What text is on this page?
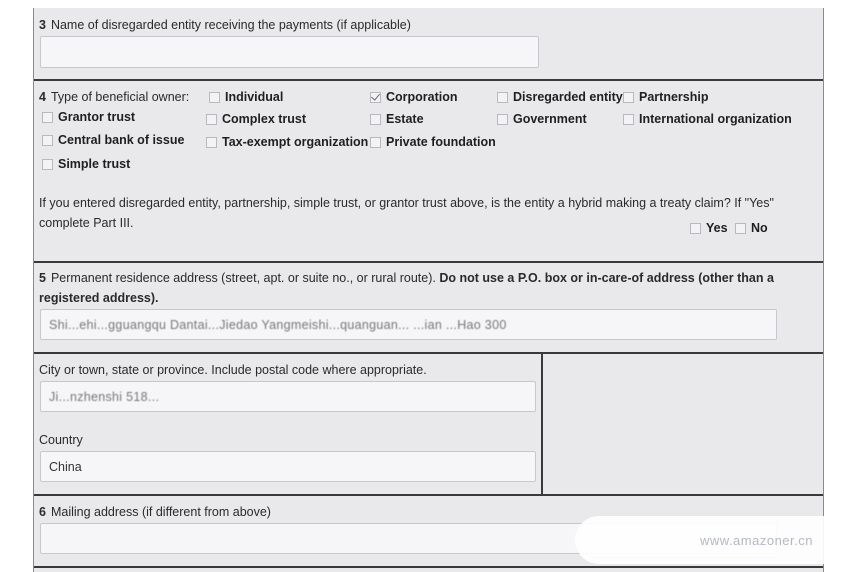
3 Name of disregarded entity receiving the payments (if applicable)
4 Type of beneficial owner:	Individual	Corporation	Disregarded entity Partnership
Grantor trust	Complex trust	Estate	Government	International organization
Central bank of issue	Tax-exempt organization Private foundation
Simple trust
If you entered disregarded entity, partnership, simple trust, or grantor trust above, is the entity a hybrid making a treaty claim? If "Yes" complete Part III.	Yes No
5 Permanent residence address (street, apt. or suite no., or rural route). Do not use a P.O. box or in-care-of address (other than a registered address).
Shi...ehi...gguangqu Dantai...Jiedao Yangmeishi...quanguan... ...ian ...Hao 300
City or town, state or province. Include postal code where appropriate.
Ji...nzhenshi 518...
Country
China
6 Mailing address (if different from above)
www.amazoner.cn
